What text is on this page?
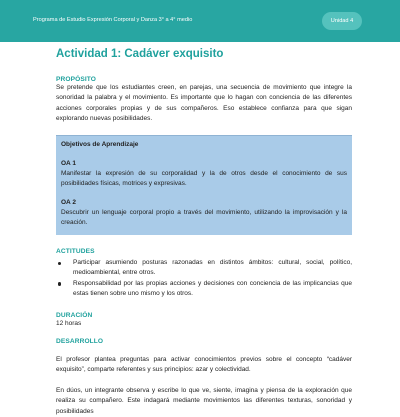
Programa de Estudio Expresión Corporal y Danza 3° a 4° medio	Unidad 4
Actividad 1: Cadáver exquisito
PROPÓSITO

Se pretende que los estudiantes creen, en parejas, una secuencia de movimiento que integre la sonoridad la palabra y el movimiento. Es importante que lo hagan con conciencia de las diferentes acciones corporales propias y de sus compañeros. Eso establece confianza para que sigan explorando nuevas posibilidades.

Objetivos de Aprendizaje
OA 1

Manifestar la expresión de su corporalidad y la de otros desde el conocimiento de sus posibilidades físicas, motrices y expresivas.

OA 2

Descubrir un lenguaje corporal propio a través del movimiento, utilizando la improvisación y la creación.

ACTITUDES
Participar asumiendo posturas razonadas en distintos ámbitos: cultural, social, político, medioambiental, entre otros.
Responsabilidad por las propias acciones y decisiones con conciencia de las implicancias que estas tienen sobre uno mismo y los otros.
DURACIÓN

12 horas

DESARROLLO

El profesor plantea preguntas para activar conocimientos previos sobre el concepto “cadáver exquisito”, comparte referentes y sus principios: azar y colectividad.

En dúos, un integrante observa y escribe lo que ve, siente, imagina y piensa de la exploración que realiza su compañero. Este indagará mediante movimientos las diferentes texturas, sonoridad y posibilidades
